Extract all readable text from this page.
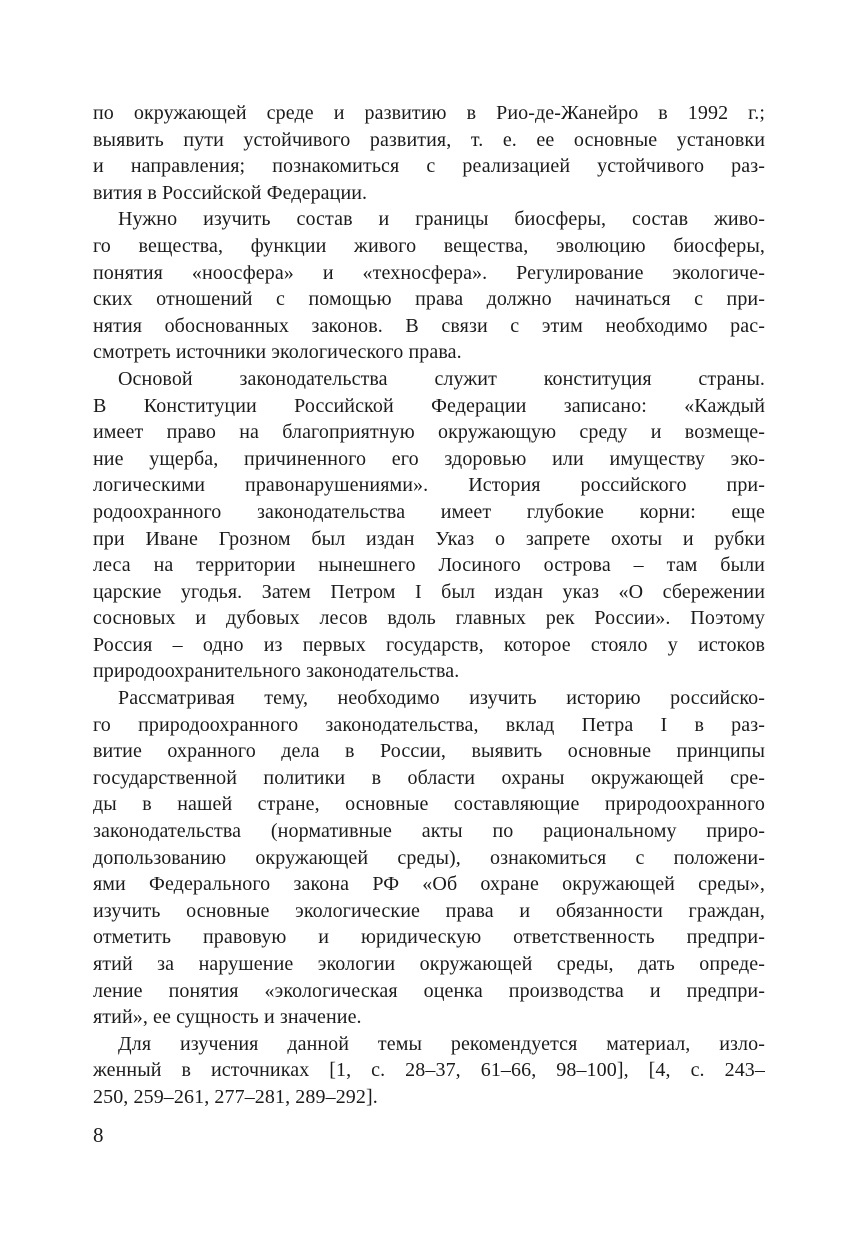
по окружающей среде и развитию в Рио-де-Жанейро в 1992 г.;
выявить пути устойчивого развития, т. е. ее основные установки
и направления; познакомиться с реализацией устойчивого раз-
вития в Российской Федерации.
Нужно изучить состав и границы биосферы, состав живо-
го вещества, функции живого вещества, эволюцию биосферы,
понятия «ноосфера» и «техносфера». Регулирование экологиче-
ских отношений с помощью права должно начинаться с при-
нятия обоснованных законов. В связи с этим необходимо рас-
смотреть источники экологического права.
Основой законодательства служит конституция страны.
В Конституции Российской Федерации записано: «Каждый
имеет право на благоприятную окружающую среду и возмеще-
ние ущерба, причиненного его здоровью или имуществу эко-
логическими правонарушениями». История российского при-
родоохранного законодательства имеет глубокие корни: еще
при Иване Грозном был издан Указ о запрете охоты и рубки
леса на территории нынешнего Лосиного острова – там были
царские угодья. Затем Петром I был издан указ «О сбережении
сосновых и дубовых лесов вдоль главных рек России». Поэтому
Россия – одно из первых государств, которое стояло у истоков
природоохранительного законодательства.
Рассматривая тему, необходимо изучить историю российско-
го природоохранного законодательства, вклад Петра I в раз-
витие охранного дела в России, выявить основные принципы
государственной политики в области охраны окружающей сре-
ды в нашей стране, основные составляющие природоохранного
законодательства (нормативные акты по рациональному приро-
допользованию окружающей среды), ознакомиться с положени-
ями Федерального закона РФ «Об охране окружающей среды»,
изучить основные экологические права и обязанности граждан,
отметить правовую и юридическую ответственность предпри-
ятий за нарушение экологии окружающей среды, дать опреде-
ление понятия «экологическая оценка производства и предпри-
ятий», ее сущность и значение.
Для изучения данной темы рекомендуется материал, изло-
женный в источниках [1, с. 28–37, 61–66, 98–100], [4, с. 243–
250, 259–261, 277–281, 289–292].
8
